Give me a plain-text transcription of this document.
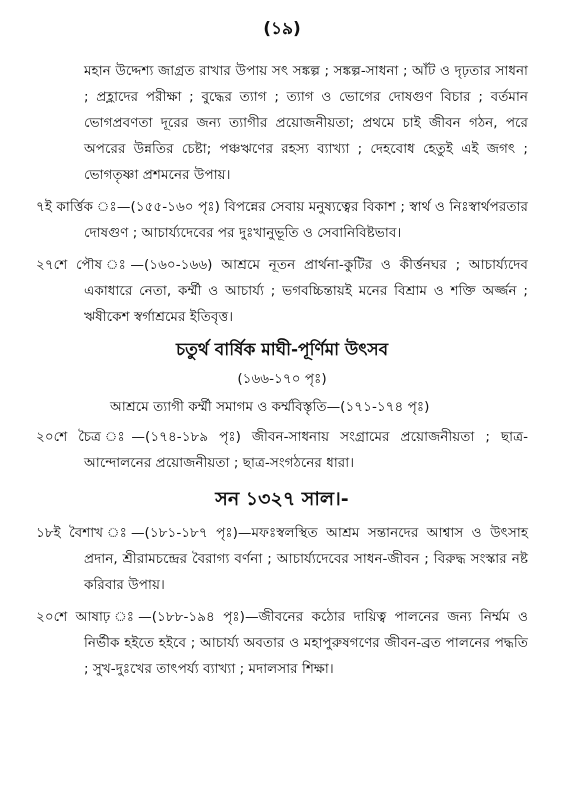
(১৯)

মহান উদ্দেশ্য জাগ্রত রাখার উপায় সৎ সঙ্কল্প ; সঙ্কল্প-সাধনা ; আঁট ও দৃঢ়তার সাধনা ; প্রহ্লাদের পরীক্ষা ; বুদ্ধের ত্যাগ ; ত্যাগ ও ভোগের দোষগুণ বিচার ; বর্তমান ভোগপ্রবণতা দূরের জন্য ত্যাগীর প্রয়োজনীয়তা; প্রথমে চাই জীবন গঠন, পরে অপরের উন্নতির চেষ্টা; পঞ্চঋণের রহস্য ব্যাখ্যা ; দেহবোধ হেতুই এই জগৎ ; ভোগতৃষ্ণা প্রশমনের উপায়।

৭ই কার্ত্তিক ঃ—(১৫৫-১৬০ পৃঃ) বিপন্নের সেবায় মনুষ্যত্বের বিকাশ ; স্বার্থ ও নিঃস্বার্থপরতার দোষগুণ ; আচার্য্যদেবের পর দুঃখানুভূতি ও সেবানিবিষ্টভাব।

২৭শে পৌষ ঃ—(১৬০-১৬৬) আশ্রমে নূতন প্রার্থনা-কুটির ও কীর্ত্তনঘর ; আচার্য্যদেব একাধারে নেতা, কর্ম্মী ও আচার্য্য ; ভগবচ্চিন্তায়ই মনের বিশ্রাম ও শক্তি অর্জ্জন ; ঋষীকেশ স্বর্গাশ্রমের ইতিবৃত্ত।

চতুর্থ বার্ষিক মাঘী-পূর্ণিমা উৎসব
(১৬৬-১৭০ পৃঃ)
আশ্রমে ত্যাগী কর্ম্মী সমাগম ও কর্ম্মবিস্তৃতি—(১৭১-১৭৪ পৃঃ)

২০শে চৈত্র ঃ—(১৭৪-১৮৯ পৃঃ) জীবন-সাধনায় সংগ্রামের প্রয়োজনীয়তা ; ছাত্র-আন্দোলনের প্রয়োজনীয়তা ; ছাত্র-সংগঠনের ধারা।

সন ১৩২৭ সাল।-

১৮ই বৈশাখ ঃ—(১৮১-১৮৭ পৃঃ)—মফঃস্বলস্থিত আশ্রম সন্তানদের আশ্বাস ও উৎসাহ প্রদান, শ্রীরামচন্দ্রের বৈরাগ্য বর্ণনা ; আচার্য্যদেবের সাধন-জীবন ; বিরুদ্ধ সংস্কার নষ্ট করিবার উপায়।

২০শে আষাঢ় ঃ—(১৮৮-১৯৪ পৃঃ)—জীবনের কঠোর দায়িত্ব পালনের জন্য নির্ম্মম ও নির্ভীক হইতে হইবে ; আচার্য্য অবতার ও মহাপুরুষগণের জীবন-ব্রত পালনের পদ্ধতি ; সুখ-দুঃখের তাৎপর্য্য ব্যাখ্যা ; মদালসার শিক্ষা।
